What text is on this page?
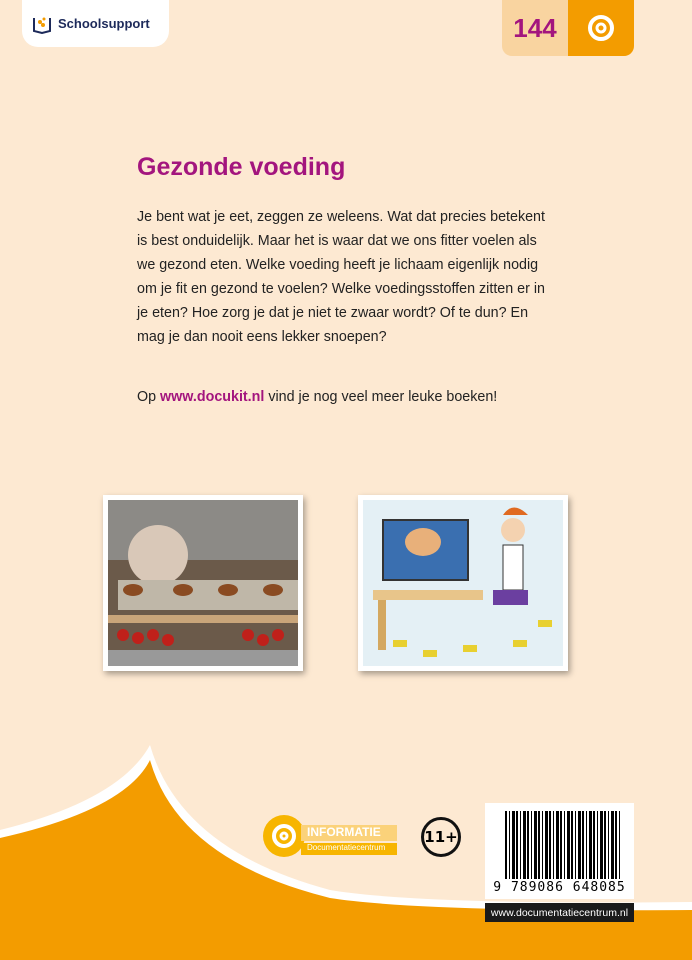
Schoolsupport	144
Gezonde voeding

Je bent wat je eet, zeggen ze weleens. Wat dat precies betekent is best onduidelijk. Maar het is waar dat we ons fitter voelen als we gezond eten. Welke voeding heeft je lichaam eigenlijk nodig om je fit en gezond te voelen? Welke voedingsstoffen zitten er in je eten? Hoe zorg je dat je niet te zwaar wordt? Of te dun? En mag je dan nooit eens lekker snoepen?

Op www.docukit.nl vind je nog veel meer leuke boeken!

INFORMATIE
Documentatiecentrum
11+
9 789086 648085
www.documentatiecentrum.nl
